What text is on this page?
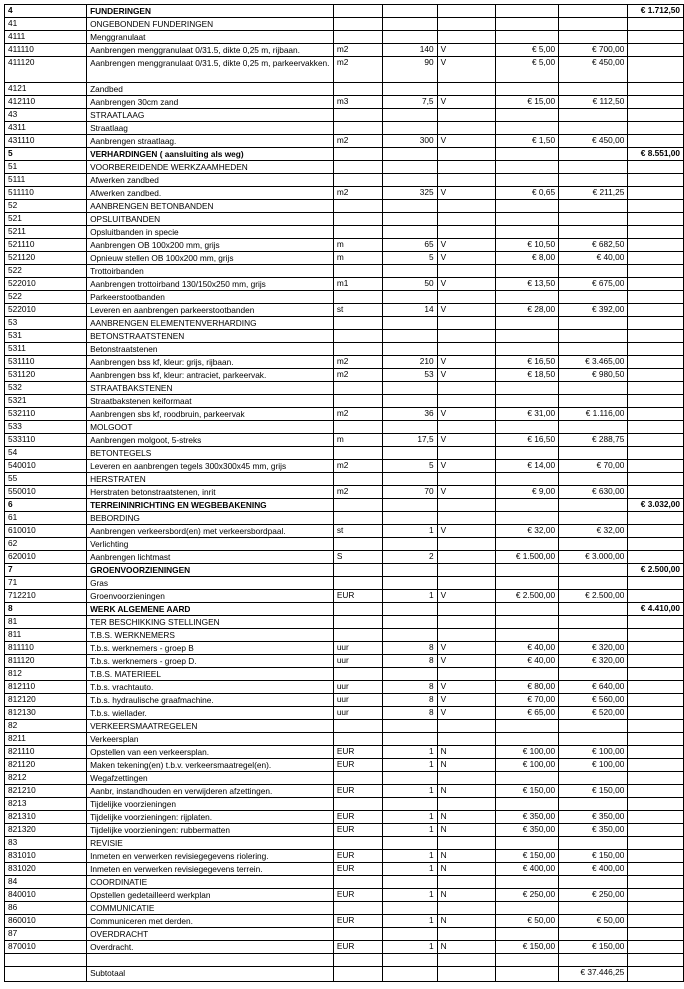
4	FUNDERINGEN						€ 1.712,50
41	ONGEBONDEN FUNDERINGEN						
4111	Menggranulaat						
411110	Aanbrengen menggranulaat 0/31.5, dikte 0,25 m, rijbaan.	m2	140	V	€ 5,00	€ 700,00	
411120	Aanbrengen menggranulaat 0/31.5, dikte 0,25 m, parkeervakken.	m2	90	V	€ 5,00	€ 450,00	
4121	Zandbed						
412110	Aanbrengen 30cm zand	m3	7,5	V	€ 15,00	€ 112,50	
43	STRAATLAAG						
4311	Straatlaag						
431110	Aanbrengen straatlaag.	m2	300	V	€ 1,50	€ 450,00	
5	VERHARDINGEN ( aansluiting als weg)						€ 8.551,00
51	VOORBEREIDENDE WERKZAAMHEDEN						
5111	Afwerken zandbed						
511110	Afwerken zandbed.	m2	325	V	€ 0,65	€ 211,25	
52	AANBRENGEN BETONBANDEN						
521	OPSLUITBANDEN						
5211	Opsluitbanden in specie						
521110	Aanbrengen OB 100x200 mm, grijs	m	65	V	€ 10,50	€ 682,50	
521120	Opnieuw stellen OB 100x200 mm, grijs	m	5	V	€ 8,00	€ 40,00	
522	Trottoirbanden						
522010	Aanbrengen trottoirband 130/150x250 mm, grijs	m1	50	V	€ 13,50	€ 675,00	
522	Parkeerstootbanden						
522010	Leveren en aanbrengen parkeerstootbanden	st	14	V	€ 28,00	€ 392,00	
53	AANBRENGEN ELEMENTENVERHARDING						
531	BETONSTRAATSTENEN						
5311	Betonstraatstenen						
531110	Aanbrengen bss kf, kleur: grijs, rijbaan.	m2	210	V	€ 16,50	€ 3.465,00	
531120	Aanbrengen bss kf, kleur: antraciet, parkeervak.	m2	53	V	€ 18,50	€ 980,50	
532	STRAATBAKSTENEN						
5321	Straatbakstenen keiformaat						
532110	Aanbrengen sbs kf, roodbruin, parkeervak	m2	36	V	€ 31,00	€ 1.116,00	
533	MOLGOOT						
533110	Aanbrengen molgoot, 5-streks	m	17,5	V	€ 16,50	€ 288,75	
54	BETONTEGELS						
540010	Leveren en aanbrengen tegels 300x300x45 mm, grijs	m2	5	V	€ 14,00	€ 70,00	
55	HERSTRATEN						
550010	Herstraten betonstraatstenen, inrit	m2	70	V	€ 9,00	€ 630,00	
6	TERREININRICHTING EN WEGBEBAKENING						€ 3.032,00
61	BEBORDING						
610010	Aanbrengen verkeersbord(en) met verkeersbordpaal.	st	1	V	€ 32,00	€ 32,00	
62	Verlichting						
620010	Aanbrengen lichtmast	S	2		€ 1.500,00	€ 3.000,00	
7	GROENVOORZIENINGEN						€ 2.500,00
71	Gras						
712210	Groenvoorzieningen	EUR	1	V	€ 2.500,00	€ 2.500,00	
8	WERK ALGEMENE AARD						€ 4.410,00
81	TER BESCHIKKING STELLINGEN						
811	T.B.S. WERKNEMERS						
811110	T.b.s. werknemers - groep B	uur	8	V	€ 40,00	€ 320,00	
811120	T.b.s. werknemers - groep D.	uur	8	V	€ 40,00	€ 320,00	
812	T.B.S. MATERIEEL						
812110	T.b.s. vrachtauto.	uur	8	V	€ 80,00	€ 640,00	
812120	T.b.s. hydraulische graafmachine.	uur	8	V	€ 70,00	€ 560,00	
812130	T.b.s. wiellader.	uur	8	V	€ 65,00	€ 520,00	
82	VERKEERSMAATREGELEN						
8211	Verkeersplan						
821110	Opstellen van een verkeersplan.	EUR	1	N	€ 100,00	€ 100,00	
821120	Maken tekening(en) t.b.v. verkeersmaatregel(en).	EUR	1	N	€ 100,00	€ 100,00	
8212	Wegafzettingen						
821210	Aanbr, instandhouden en verwijderen afzettingen.	EUR	1	N	€ 150,00	€ 150,00	
8213	Tijdelijke voorzieningen						
821310	Tijdelijke voorzieningen: rijplaten.	EUR	1	N	€ 350,00	€ 350,00	
821320	Tijdelijke voorzieningen: rubbermatten	EUR	1	N	€ 350,00	€ 350,00	
83	REVISIE						
831010	Inmeten en verwerken revisiegegevens riolering.	EUR	1	N	€ 150,00	€ 150,00	
831020	Inmeten en verwerken revisiegegevens terrein.	EUR	1	N	€ 400,00	€ 400,00	
84	COORDINATIE						
840010	Opstellen gedetailleerd werkplan	EUR	1	N	€ 250,00	€ 250,00	
86	COMMUNICATIE						
860010	Communiceren met derden.	EUR	1	N	€ 50,00	€ 50,00	
87	OVERDRACHT						
870010	Overdracht.	EUR	1	N	€ 150,00	€ 150,00	

	Subtotaal					€ 37.446,25	
